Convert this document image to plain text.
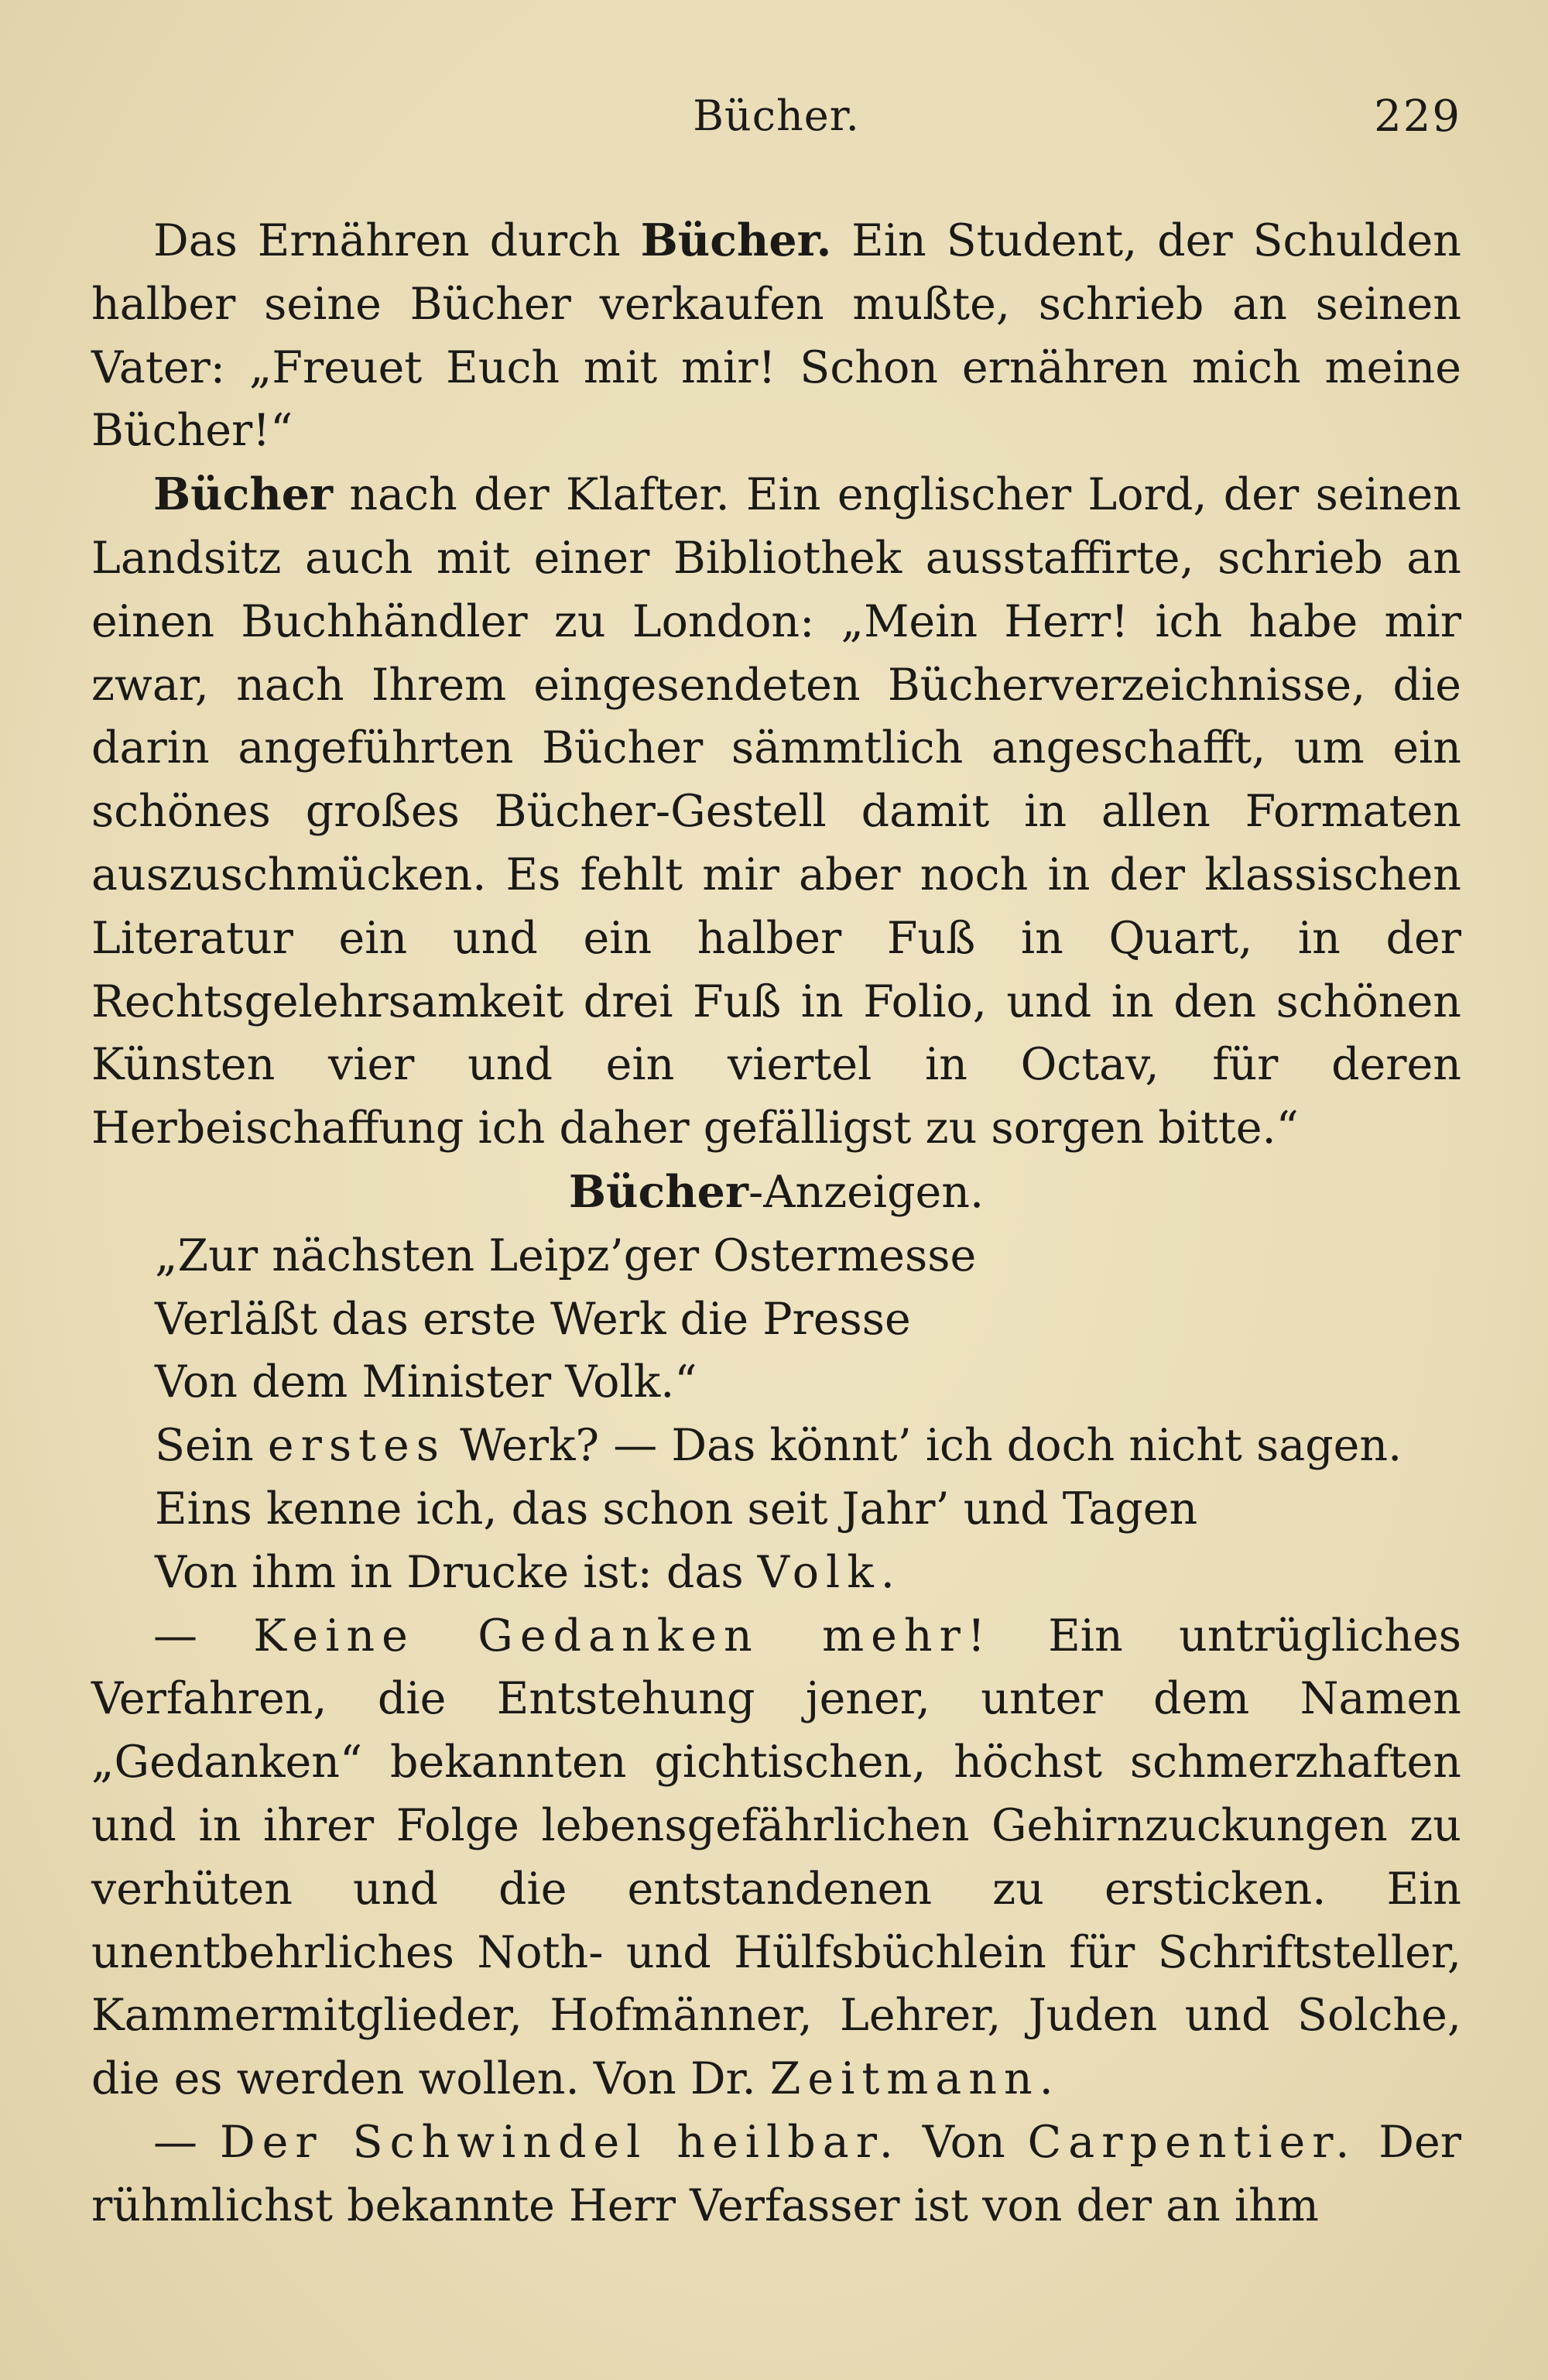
Bücher.	229

Das Ernähren durch Bücher. Ein Student, der Schulden halber seine Bücher verkaufen mußte, schrieb an seinen Vater: „Freuet Euch mit mir! Schon ernähren mich meine Bücher!“

Bücher nach der Klafter. Ein englischer Lord, der seinen Landsitz auch mit einer Bibliothek ausstaffirte, schrieb an einen Buchhändler zu London: „Mein Herr! ich habe mir zwar, nach Ihrem eingesendeten Bücherverzeichnisse, die darin angeführten Bücher sämmtlich angeschafft, um ein schönes großes Bücher-Gestell damit in allen Formaten auszuschmücken. Es fehlt mir aber noch in der klassischen Literatur ein und ein halber Fuß in Quart, in der Rechtsgelehrsamkeit drei Fuß in Folio, und in den schönen Künsten vier und ein viertel in Octav, für deren Herbeischaffung ich daher gefälligst zu sorgen bitte.“

Bücher-Anzeigen.

„Zur nächsten Leipz’ger Ostermesse
Verläßt das erste Werk die Presse
Von dem Minister Volk.“
Sein erstes Werk? — Das könnt’ ich doch nicht sagen.
Eins kenne ich, das schon seit Jahr’ und Tagen
Von ihm in Drucke ist: das Volk.

— Keine Gedanken mehr! Ein untrügliches Verfahren, die Entstehung jener, unter dem Namen „Gedanken“ bekannten gichtischen, höchst schmerzhaften und in ihrer Folge lebensgefährlichen Gehirnzuckungen zu verhüten und die entstandenen zu ersticken. Ein unentbehrliches Noth- und Hülfsbüchlein für Schriftsteller, Kammermitglieder, Hofmänner, Lehrer, Juden und Solche, die es werden wollen. Von Dr. Zeitmann.

— Der Schwindel heilbar. Von Carpentier. Der rühmlichst bekannte Herr Verfasser ist von der an ihm
